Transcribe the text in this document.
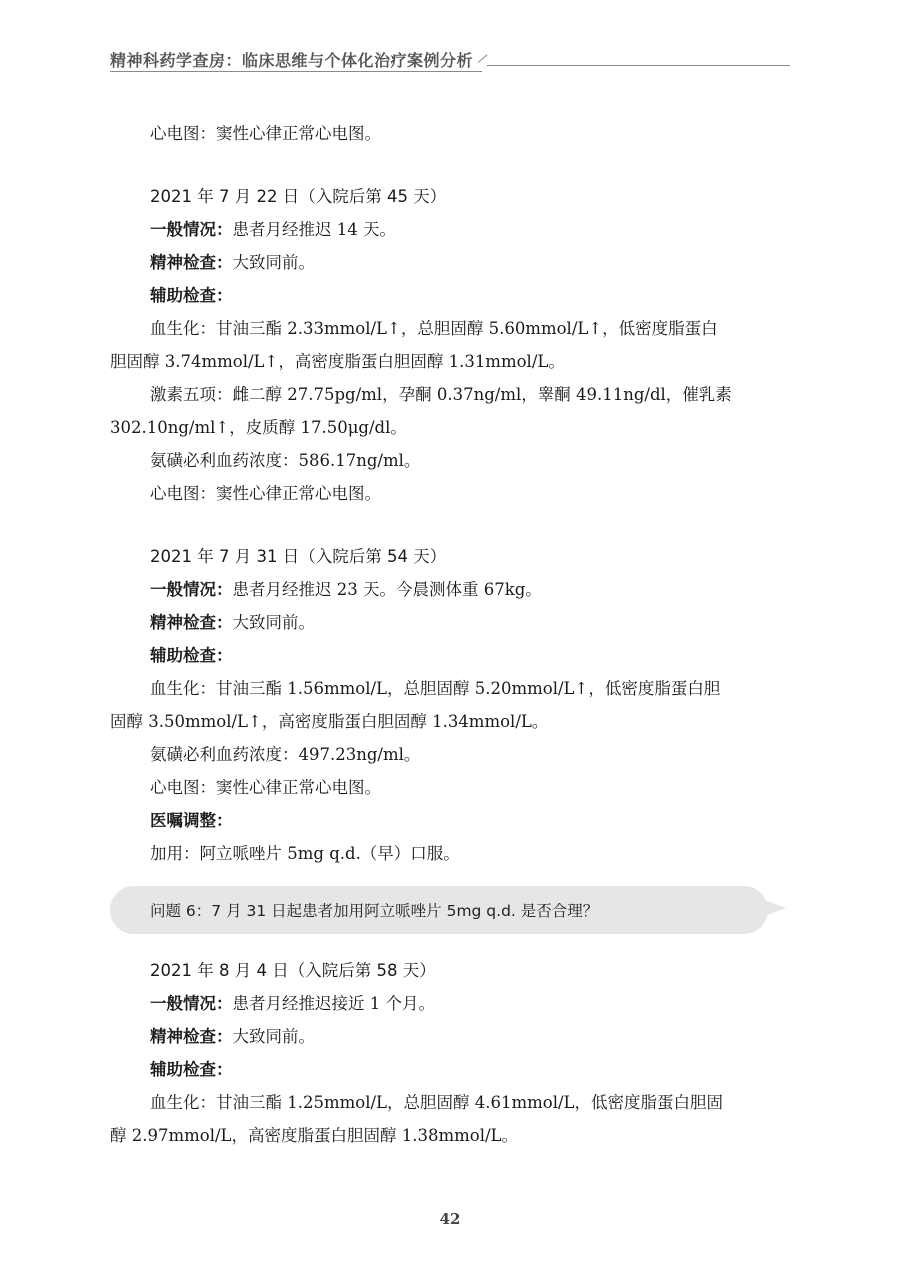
精神科药学查房：临床思维与个体化治疗案例分析

心电图：窦性心律正常心电图。

2021 年 7 月 22 日（入院后第 45 天）

一般情况：患者月经推迟 14 天。

精神检查：大致同前。

辅助检查：

血生化：甘油三酯 2.33mmol/L↑，总胆固醇 5.60mmol/L↑，低密度脂蛋白

胆固醇 3.74mmol/L↑，高密度脂蛋白胆固醇 1.31mmol/L。

激素五项：雌二醇 27.75pg/ml，孕酮 0.37ng/ml，睾酮 49.11ng/dl，催乳素

302.10ng/ml↑，皮质醇 17.50μg/dl。

氨磺必利血药浓度：586.17ng/ml。

心电图：窦性心律正常心电图。

2021 年 7 月 31 日（入院后第 54 天）

一般情况：患者月经推迟 23 天。今晨测体重 67kg。

精神检查：大致同前。

辅助检查：

血生化：甘油三酯 1.56mmol/L，总胆固醇 5.20mmol/L↑，低密度脂蛋白胆

固醇 3.50mmol/L↑，高密度脂蛋白胆固醇 1.34mmol/L。

氨磺必利血药浓度：497.23ng/ml。

心电图：窦性心律正常心电图。

医嘱调整：

加用：阿立哌唑片 5mg q.d.（早）口服。

问题 6：7 月 31 日起患者加用阿立哌唑片 5mg q.d. 是否合理？

2021 年 8 月 4 日（入院后第 58 天）

一般情况：患者月经推迟接近 1 个月。

精神检查：大致同前。

辅助检查：

血生化：甘油三酯 1.25mmol/L，总胆固醇 4.61mmol/L，低密度脂蛋白胆固

醇 2.97mmol/L，高密度脂蛋白胆固醇 1.38mmol/L。

42
